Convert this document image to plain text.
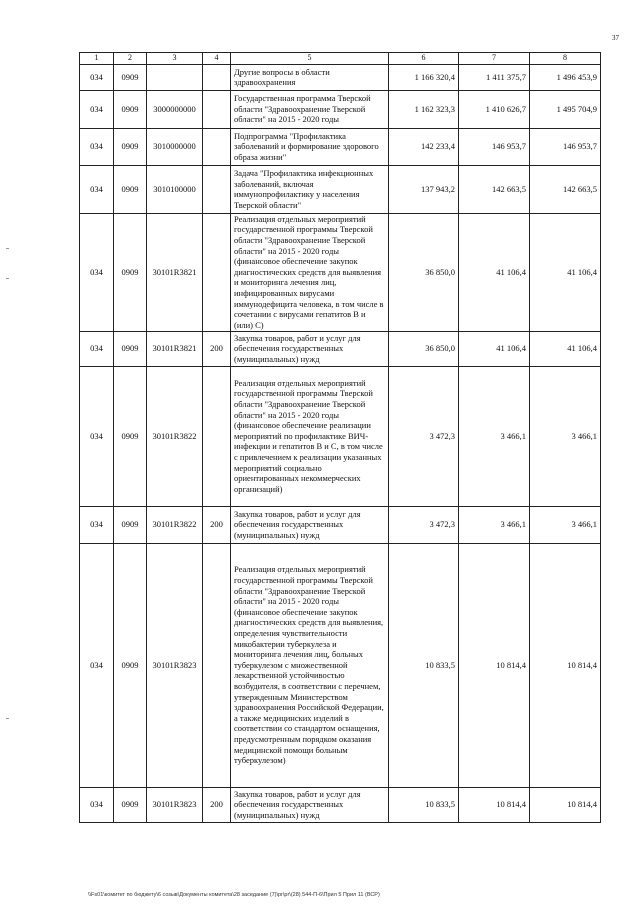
37
1	2	3	4	5	6	7	8
034	0909			Другие вопросы в области здравоохранения	1 166 320,4	1 411 375,7	1 496 453,9
034	0909	3000000000		Государственная программа Тверской области "Здравоохранение Тверской области" на 2015 - 2020 годы	1 162 323,3	1 410 626,7	1 495 704,9
034	0909	3010000000		Подпрограмма "Профилактика заболеваний и формирование здорового образа жизни"	142 233,4	146 953,7	146 953,7
034	0909	3010100000		Задача "Профилактика инфекционных заболеваний, включая иммунопрофилактику у населения Тверской области"	137 943,2	142 663,5	142 663,5
034	0909	30101R3821		Реализация отдельных мероприятий государственной программы Тверской области "Здравоохранение Тверской области" на 2015 - 2020 годы (финансовое обеспечение закупок диагностических средств для выявления и мониторинга лечения лиц, инфицированных вирусами иммунодефицита человека, в том числе в сочетании с вирусами гепатитов В и (или) С)	36 850,0	41 106,4	41 106,4
034	0909	30101R3821	200	Закупка товаров, работ и услуг для обеспечения государственных (муниципальных) нужд	36 850,0	41 106,4	41 106,4
034	0909	30101R3822		Реализация отдельных мероприятий государственной программы Тверской области "Здравоохранение Тверской области" на 2015 - 2020 годы (финансовое обеспечение реализации мероприятий по профилактике ВИЧ-инфекции и гепатитов В и С, в том числе с привлечением к реализации указанных мероприятий социально ориентированных некоммерческих организаций)	3 472,3	3 466,1	3 466,1
034	0909	30101R3822	200	Закупка товаров, работ и услуг для обеспечения государственных (муниципальных) нужд	3 472,3	3 466,1	3 466,1
034	0909	30101R3823		Реализация отдельных мероприятий государственной программы Тверской области "Здравоохранение Тверской области" на 2015 - 2020 годы (финансовое обеспечение закупок диагностических средств для выявления, определения чувствительности микобактерии туберкулеза и мониторинга лечения лиц, больных туберкулезом с множественной лекарственной устойчивостью возбудителя, в соответствии с перечнем, утвержденным Министерством здравоохранения Российской Федерации, а также медицинских изделий в соответствии со стандартом оснащения, предусмотренным порядком оказания медицинской помощи больным туберкулезом)	10 833,5	10 814,4	10 814,4
034	0909	30101R3823	200	Закупка товаров, работ и услуг для обеспечения государственных (муниципальных) нужд	10 833,5	10 814,4	10 814,4
\\Fs01\комитет по бюджету\6 созыв\Документы комитета\28 заседание (7)\pr\pr\(28) 544-П-6\Прил 5 Прил 11 (ВСР)
